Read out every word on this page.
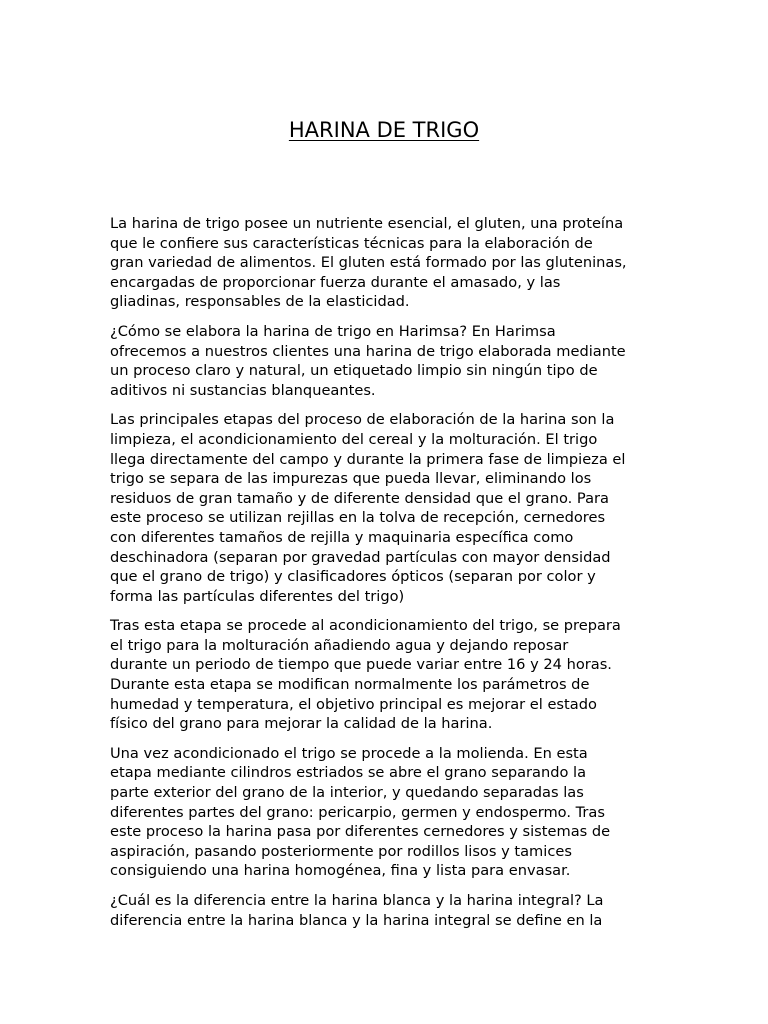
HARINA DE TRIGO

La harina de trigo posee un nutriente esencial, el gluten, una proteína
que le confiere sus características técnicas para la elaboración de
gran variedad de alimentos. El gluten está formado por las gluteninas,
encargadas de proporcionar fuerza durante el amasado, y las
gliadinas, responsables de la elasticidad.

¿Cómo se elabora la harina de trigo en Harimsa? En Harimsa
ofrecemos a nuestros clientes una harina de trigo elaborada mediante
un proceso claro y natural, un etiquetado limpio sin ningún tipo de
aditivos ni sustancias blanqueantes.

Las principales etapas del proceso de elaboración de la harina son la
limpieza, el acondicionamiento del cereal y la molturación. El trigo
llega directamente del campo y durante la primera fase de limpieza el
trigo se separa de las impurezas que pueda llevar, eliminando los
residuos de gran tamaño y de diferente densidad que el grano. Para
este proceso se utilizan rejillas en la tolva de recepción, cernedores
con diferentes tamaños de rejilla y maquinaria específica como
deschinadora (separan por gravedad partículas con mayor densidad
que el grano de trigo) y clasificadores ópticos (separan por color y
forma las partículas diferentes del trigo)

Tras esta etapa se procede al acondicionamiento del trigo, se prepara
el trigo para la molturación añadiendo agua y dejando reposar
durante un periodo de tiempo que puede variar entre 16 y 24 horas.
Durante esta etapa se modifican normalmente los parámetros de
humedad y temperatura, el objetivo principal es mejorar el estado
físico del grano para mejorar la calidad de la harina.

Una vez acondicionado el trigo se procede a la molienda. En esta
etapa mediante cilindros estriados se abre el grano separando la
parte exterior del grano de la interior, y quedando separadas las
diferentes partes del grano: pericarpio, germen y endospermo. Tras
este proceso la harina pasa por diferentes cernedores y sistemas de
aspiración, pasando posteriormente por rodillos lisos y tamices
consiguiendo una harina homogénea, fina y lista para envasar.

¿Cuál es la diferencia entre la harina blanca y la harina integral? La
diferencia entre la harina blanca y la harina integral se define en la
